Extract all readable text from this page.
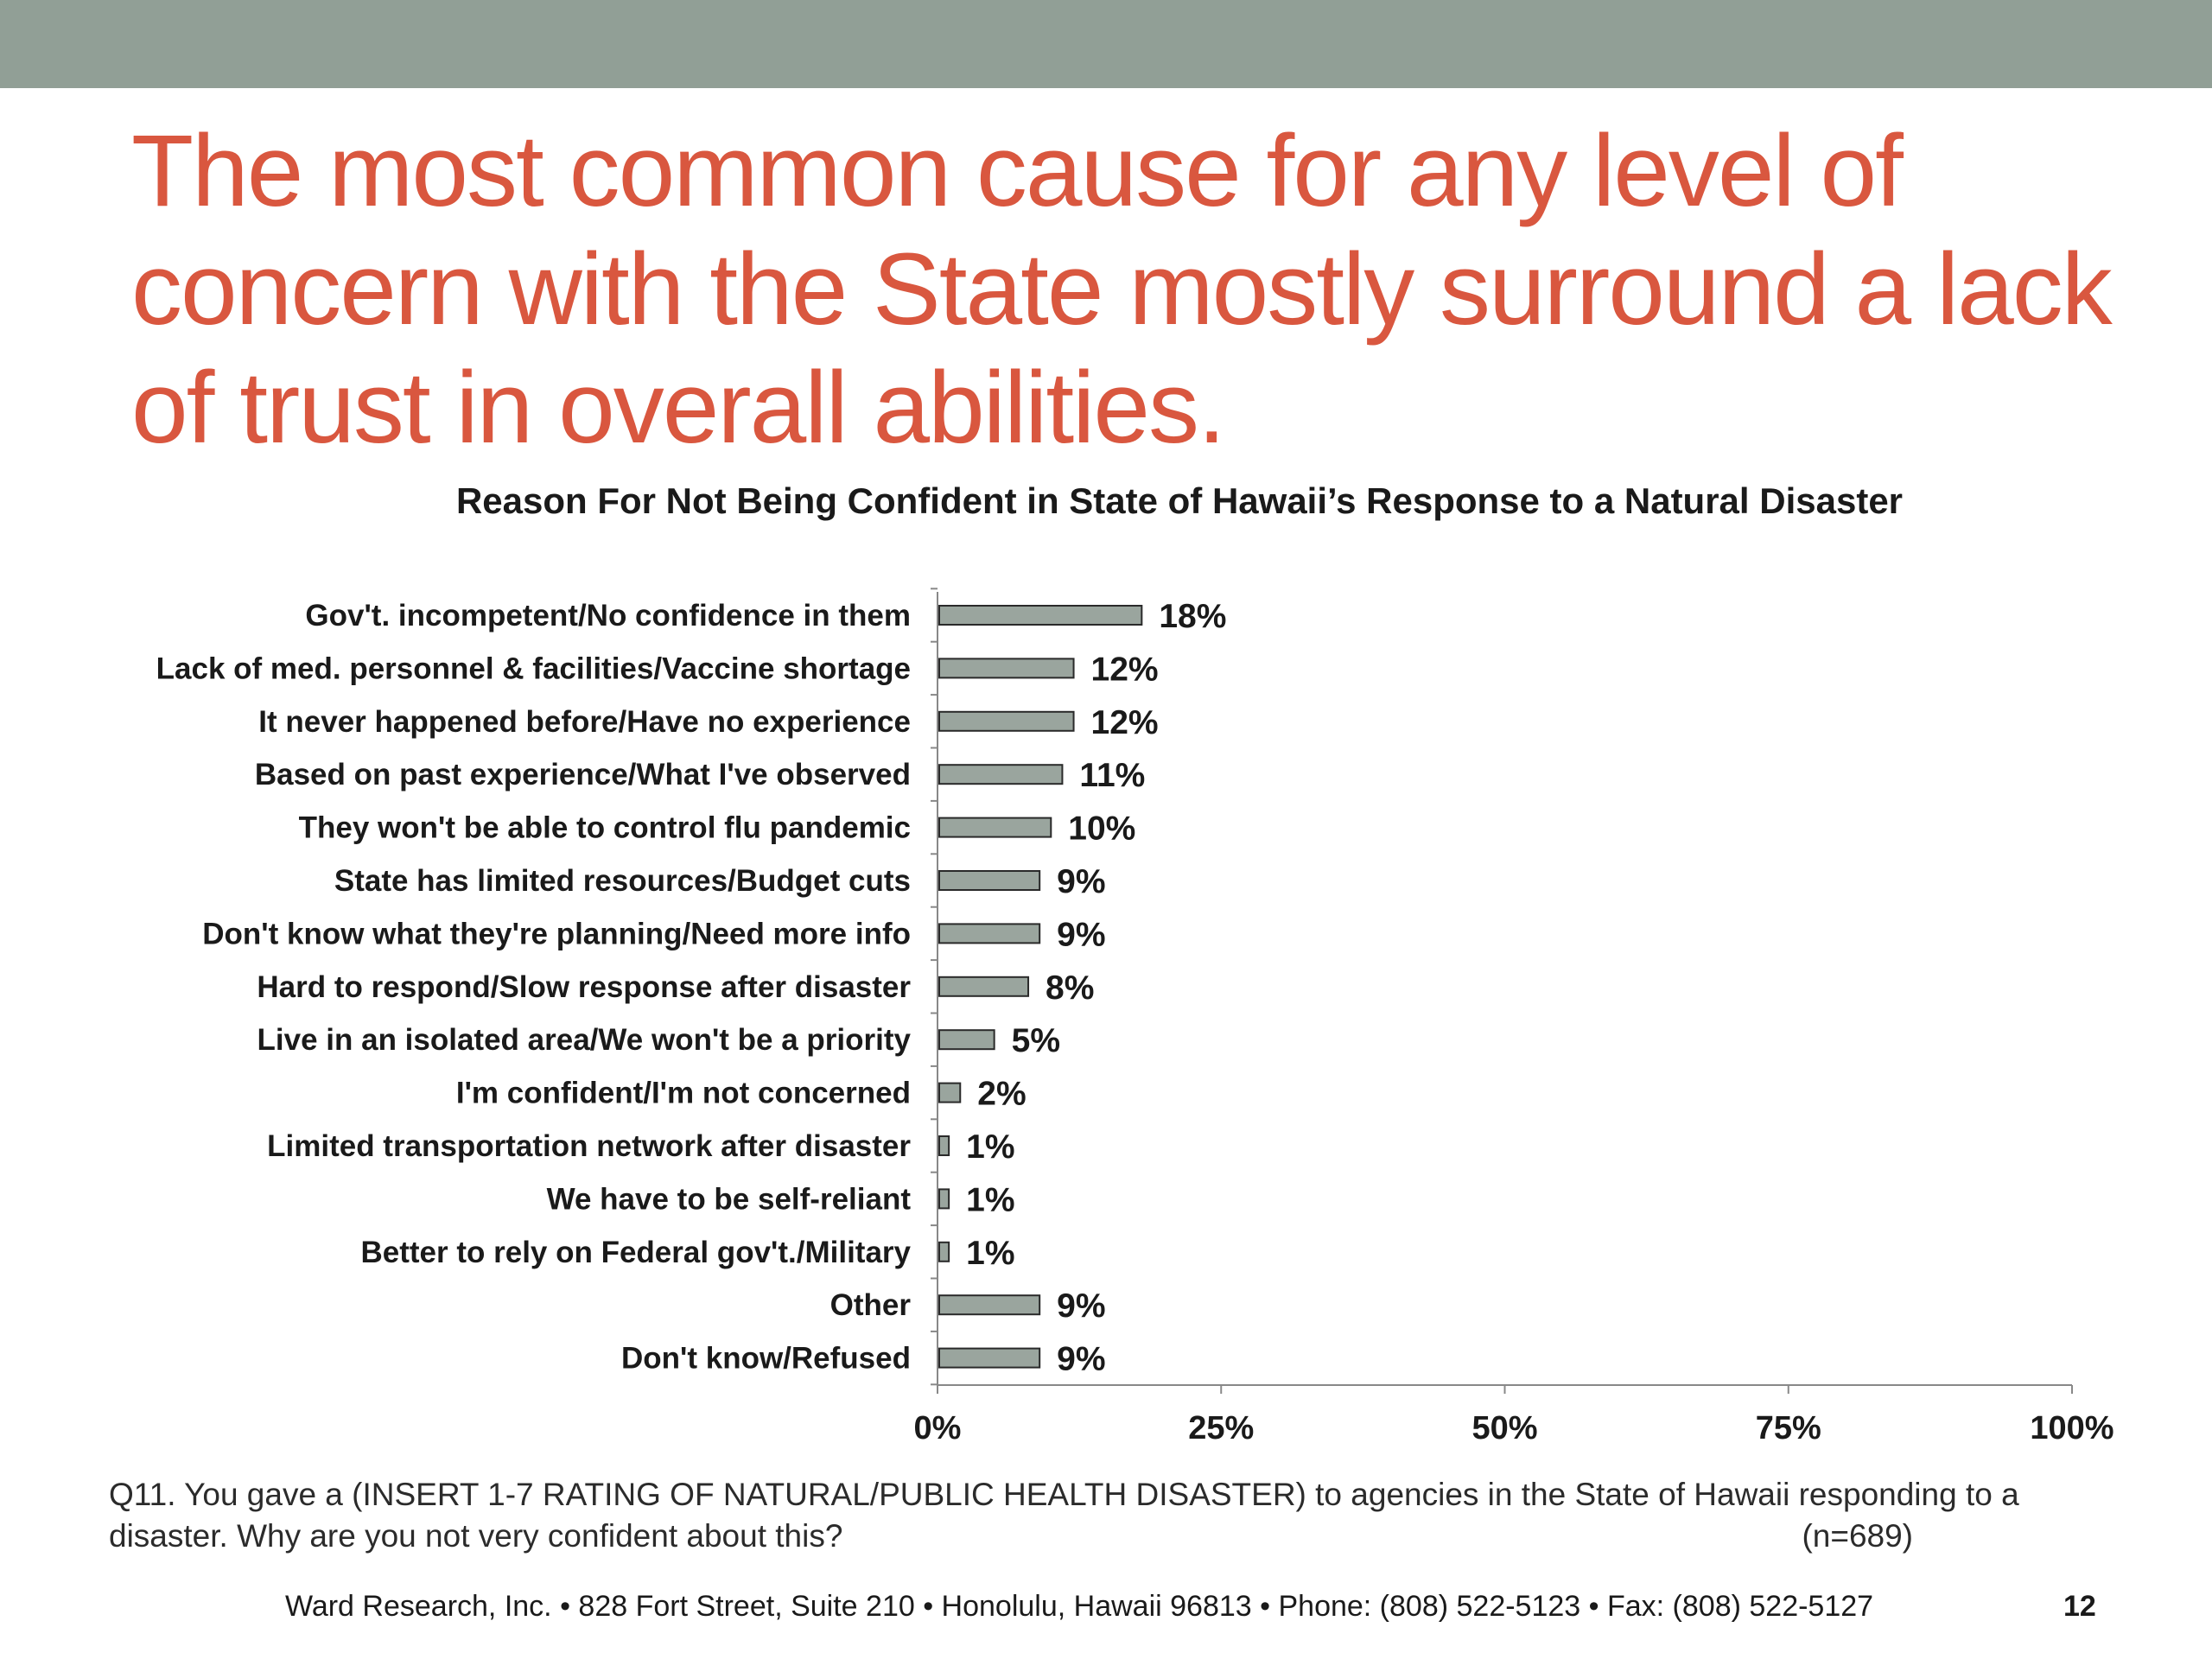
The most common cause for any level of concern with the State mostly surround a lack of trust in overall abilities.
Reason For Not Being Confident in State of Hawaii’s Response to a Natural Disaster
0%	25%	50%	75%	100%
Gov't. incompetent/No confidence in them	18%
Lack of med. personnel & facilities/Vaccine shortage	12%
It never happened before/Have no experience	12%
Based on past experience/What I've observed	11%
They won't be able to control flu pandemic	10%
State has limited resources/Budget cuts	9%
Don't know what they're planning/Need more info	9%
Hard to respond/Slow response after disaster	8%
Live in an isolated area/We won't be a priority	5%
I'm confident/I'm not concerned 2%
Limited transportation network after disaster 1%
We have to be self-reliant 1%
Better to rely on Federal gov't./Military 1%
Other	9%
Don't know/Refused	9%
Q11. You gave a (INSERT 1-7 RATING OF NATURAL/PUBLIC HEALTH DISASTER) to agencies in the State of Hawaii responding to a disaster. Why are you not very confident about this?	(n=689)
Ward Research, Inc. • 828 Fort Street, Suite 210 • Honolulu, Hawaii 96813 • Phone: (808) 522-5123 • Fax: (808) 522-5127	12
